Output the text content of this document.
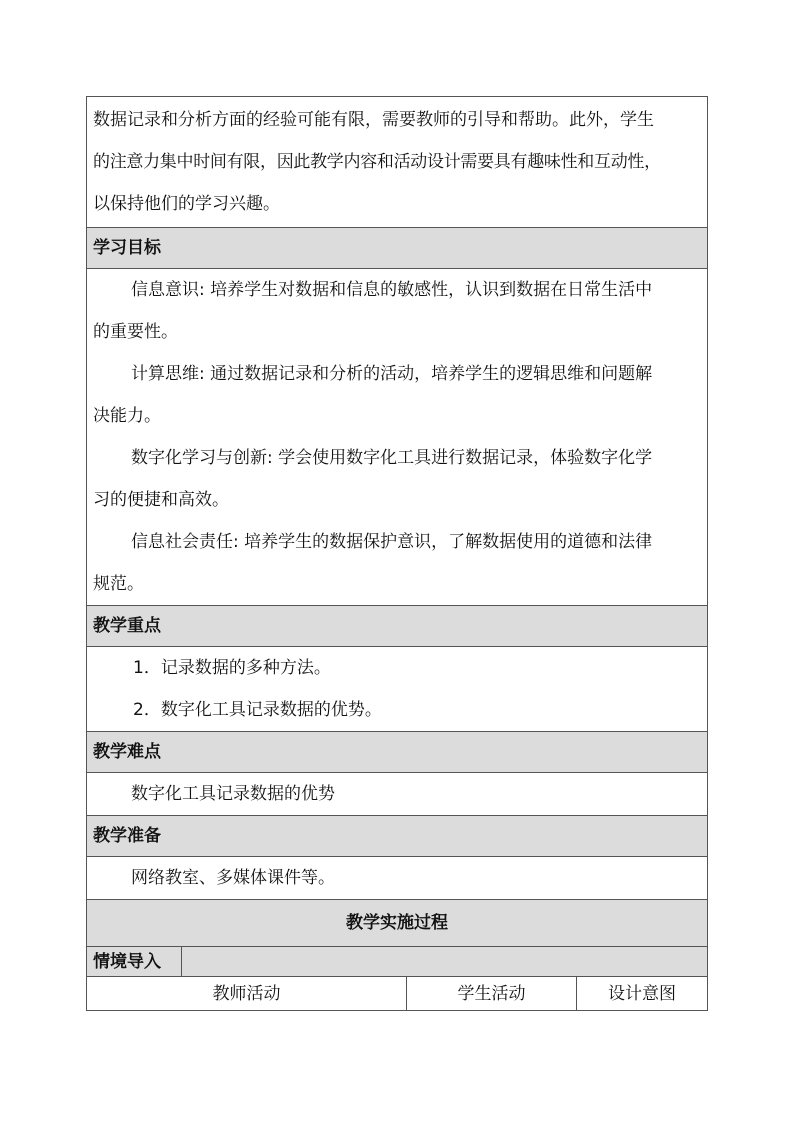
数据记录和分析方面的经验可能有限，需要教师的引导和帮助。此外，学生

的注意力集中时间有限，因此教学内容和活动设计需要具有趣味性和互动性，

以保持他们的学习兴趣。

学习目标

信息意识: 培养学生对数据和信息的敏感性，认识到数据在日常生活中

的重要性。

计算思维: 通过数据记录和分析的活动，培养学生的逻辑思维和问题解

决能力。

数字化学习与创新: 学会使用数字化工具进行数据记录，体验数字化学

习的便捷和高效。

信息社会责任: 培养学生的数据保护意识，了解数据使用的道德和法律

规范。

教学重点

1．记录数据的多种方法。

2．数字化工具记录数据的优势。

教学难点

数字化工具记录数据的优势

教学准备

网络教室、多媒体课件等。

教学实施过程
情境导入
教师活动	学生活动	设计意图
